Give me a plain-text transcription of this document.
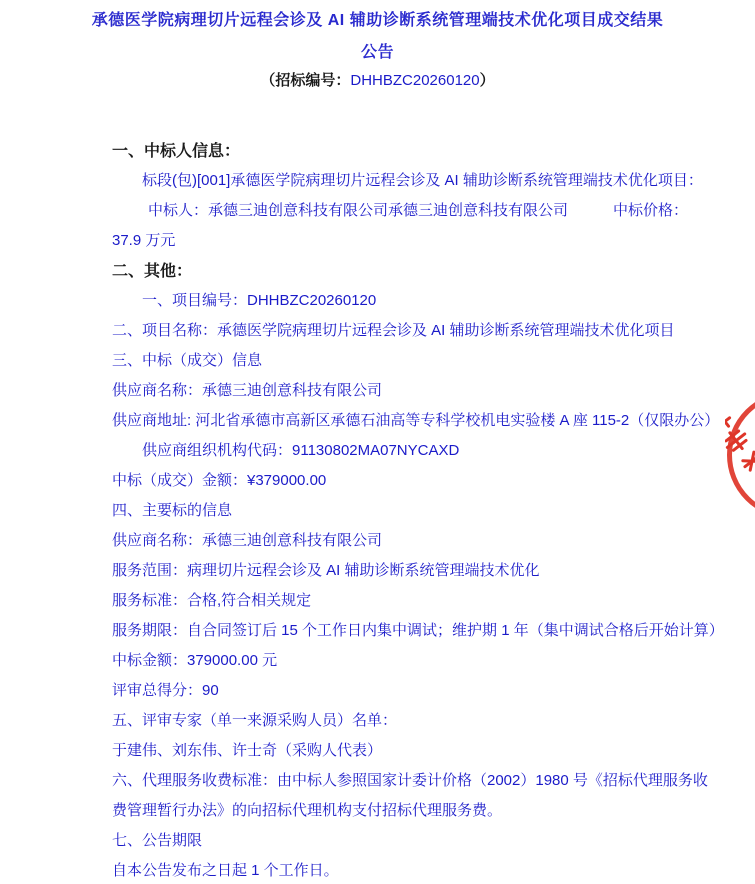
承德医学院病理切片远程会诊及 AI 辅助诊断系统管理端技术优化项目成交结果
公告
（招标编号：DHHBZC20260120）
一、中标人信息：
标段(包)[001]承德医学院病理切片远程会诊及 AI 辅助诊断系统管理端技术优化项目：
中标人：承德三迪创意科技有限公司承德三迪创意科技有限公司　　　中标价格：
37.9 万元
二、其他：
一、项目编号：DHHBZC20260120
二、项目名称：承德医学院病理切片远程会诊及 AI 辅助诊断系统管理端技术优化项目
三、中标（成交）信息
供应商名称：承德三迪创意科技有限公司
供应商地址: 河北省承德市高新区承德石油高等专科学校机电实验楼 A 座 115-2（仅限办公）
供应商组织机构代码：91130802MA07NYCAXD
中标（成交）金额：¥379000.00
四、主要标的信息
供应商名称：承德三迪创意科技有限公司
服务范围：病理切片远程会诊及 AI 辅助诊断系统管理端技术优化
服务标准：合格,符合相关规定
服务期限：自合同签订后 15 个工作日内集中调试；维护期 1 年（集中调试合格后开始计算）
中标金额：379000.00 元
评审总得分：90
五、评审专家（单一来源采购人员）名单：
于建伟、刘东伟、许士奇（采购人代表）
六、代理服务收费标准：由中标人参照国家计委计价格（2002）1980 号《招标代理服务收
费管理暂行办法》的向招标代理机构支付招标代理服务费。
七、公告期限
自本公告发布之日起 1 个工作日。
